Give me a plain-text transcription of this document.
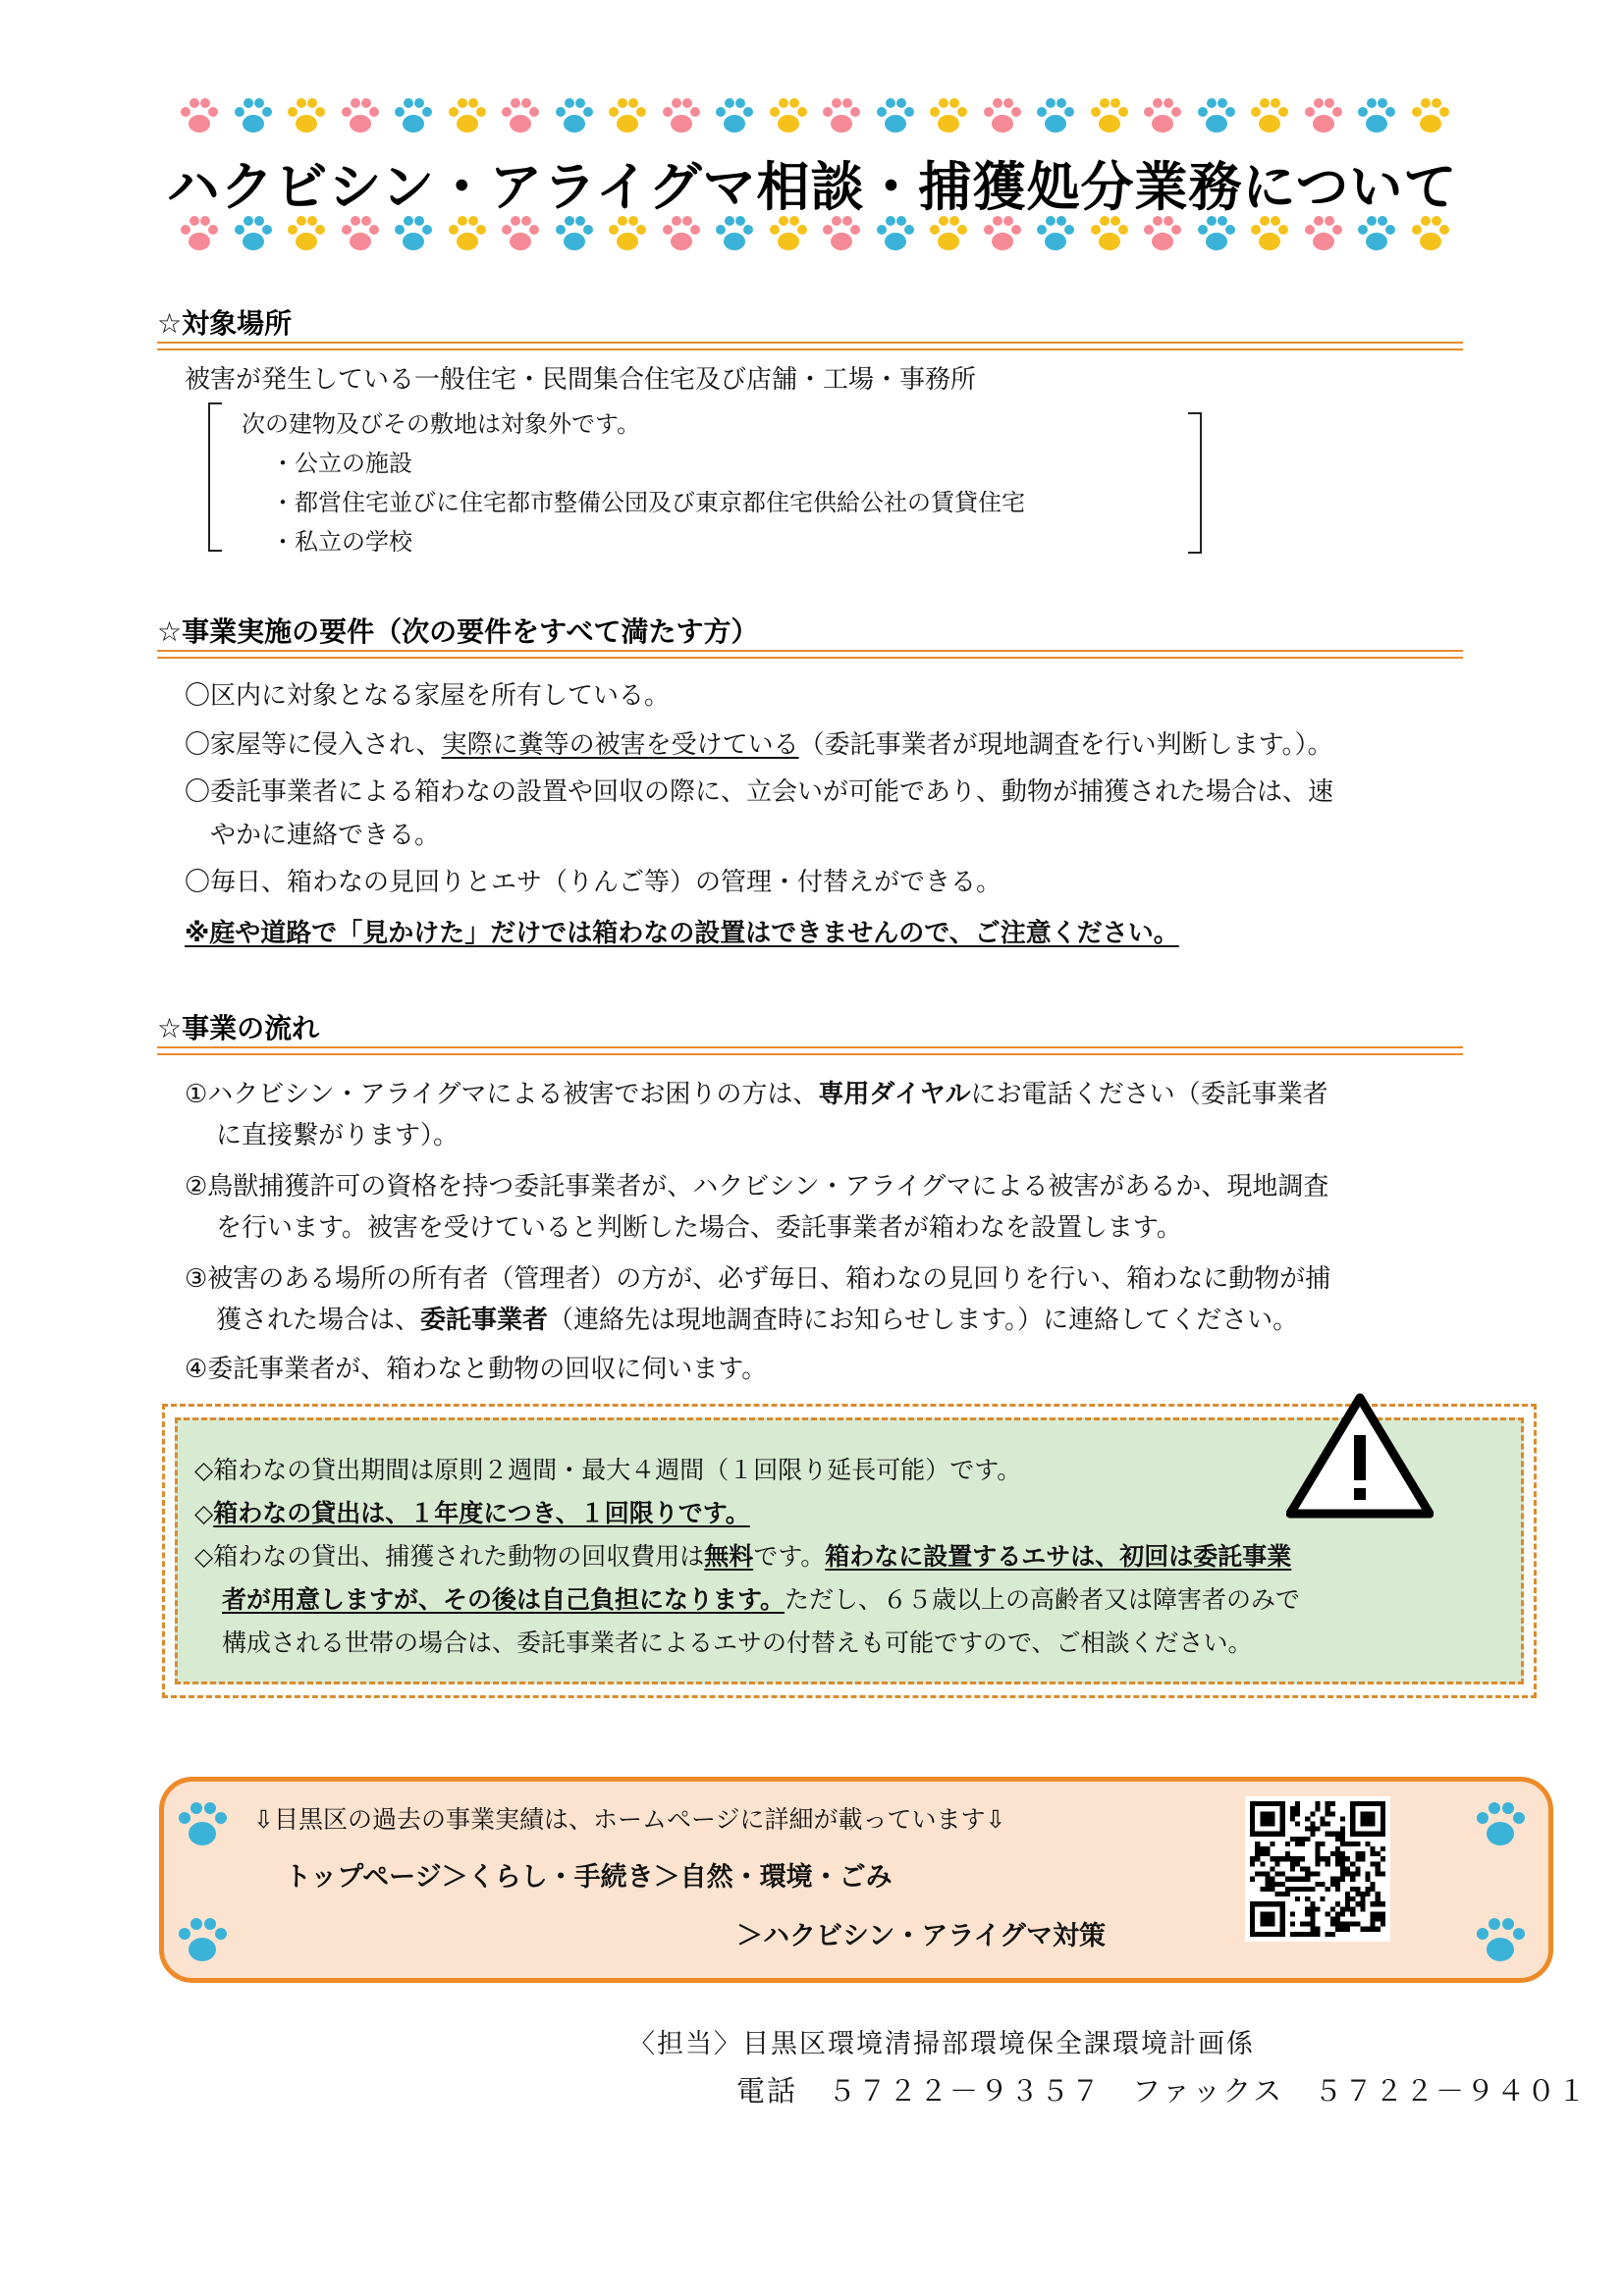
ハクビシン・アライグマ相談・捕獲処分業務について
☆対象場所
被害が発生している一般住宅・民間集合住宅及び店舗・工場・事務所
次の建物及びその敷地は対象外です。
・公立の施設
・都営住宅並びに住宅都市整備公団及び東京都住宅供給公社の賃貸住宅
・私立の学校
☆事業実施の要件（次の要件をすべて満たす方）
〇区内に対象となる家屋を所有している。
〇家屋等に侵入され、実際に糞等の被害を受けている（委託事業者が現地調査を行い判断します。）。
〇委託事業者による箱わなの設置や回収の際に、立会いが可能であり、動物が捕獲された場合は、速
やかに連絡できる。
〇毎日、箱わなの見回りとエサ（りんご等）の管理・付替えができる。
※庭や道路で「見かけた」だけでは箱わなの設置はできませんので、ご注意ください。
☆事業の流れ
①ハクビシン・アライグマによる被害でお困りの方は、専用ダイヤルにお電話ください（委託事業者
に直接繋がります）。
②鳥獣捕獲許可の資格を持つ委託事業者が、ハクビシン・アライグマによる被害があるか、現地調査
を行います。被害を受けていると判断した場合、委託事業者が箱わなを設置します。
③被害のある場所の所有者（管理者）の方が、必ず毎日、箱わなの見回りを行い、箱わなに動物が捕
獲された場合は、委託事業者（連絡先は現地調査時にお知らせします。）に連絡してください。
④委託事業者が、箱わなと動物の回収に伺います。
◇箱わなの貸出期間は原則２週間・最大４週間（１回限り延長可能）です。
◇箱わなの貸出は、１年度につき、１回限りです。
◇箱わなの貸出、捕獲された動物の回収費用は無料です。箱わなに設置するエサは、初回は委託事業
者が用意しますが、その後は自己負担になります。ただし、６５歳以上の高齢者又は障害者のみで
構成される世帯の場合は、委託事業者によるエサの付替えも可能ですので、ご相談ください。
⇩目黒区の過去の事業実績は、ホームページに詳細が載っています⇩
トップページ＞くらし・手続き＞自然・環境・ごみ
＞ハクビシン・アライグマ対策
〈担当〉目黒区環境清掃部環境保全課環境計画係
電話　５７２２－９３５７　ファックス　５７２２－９４０１
